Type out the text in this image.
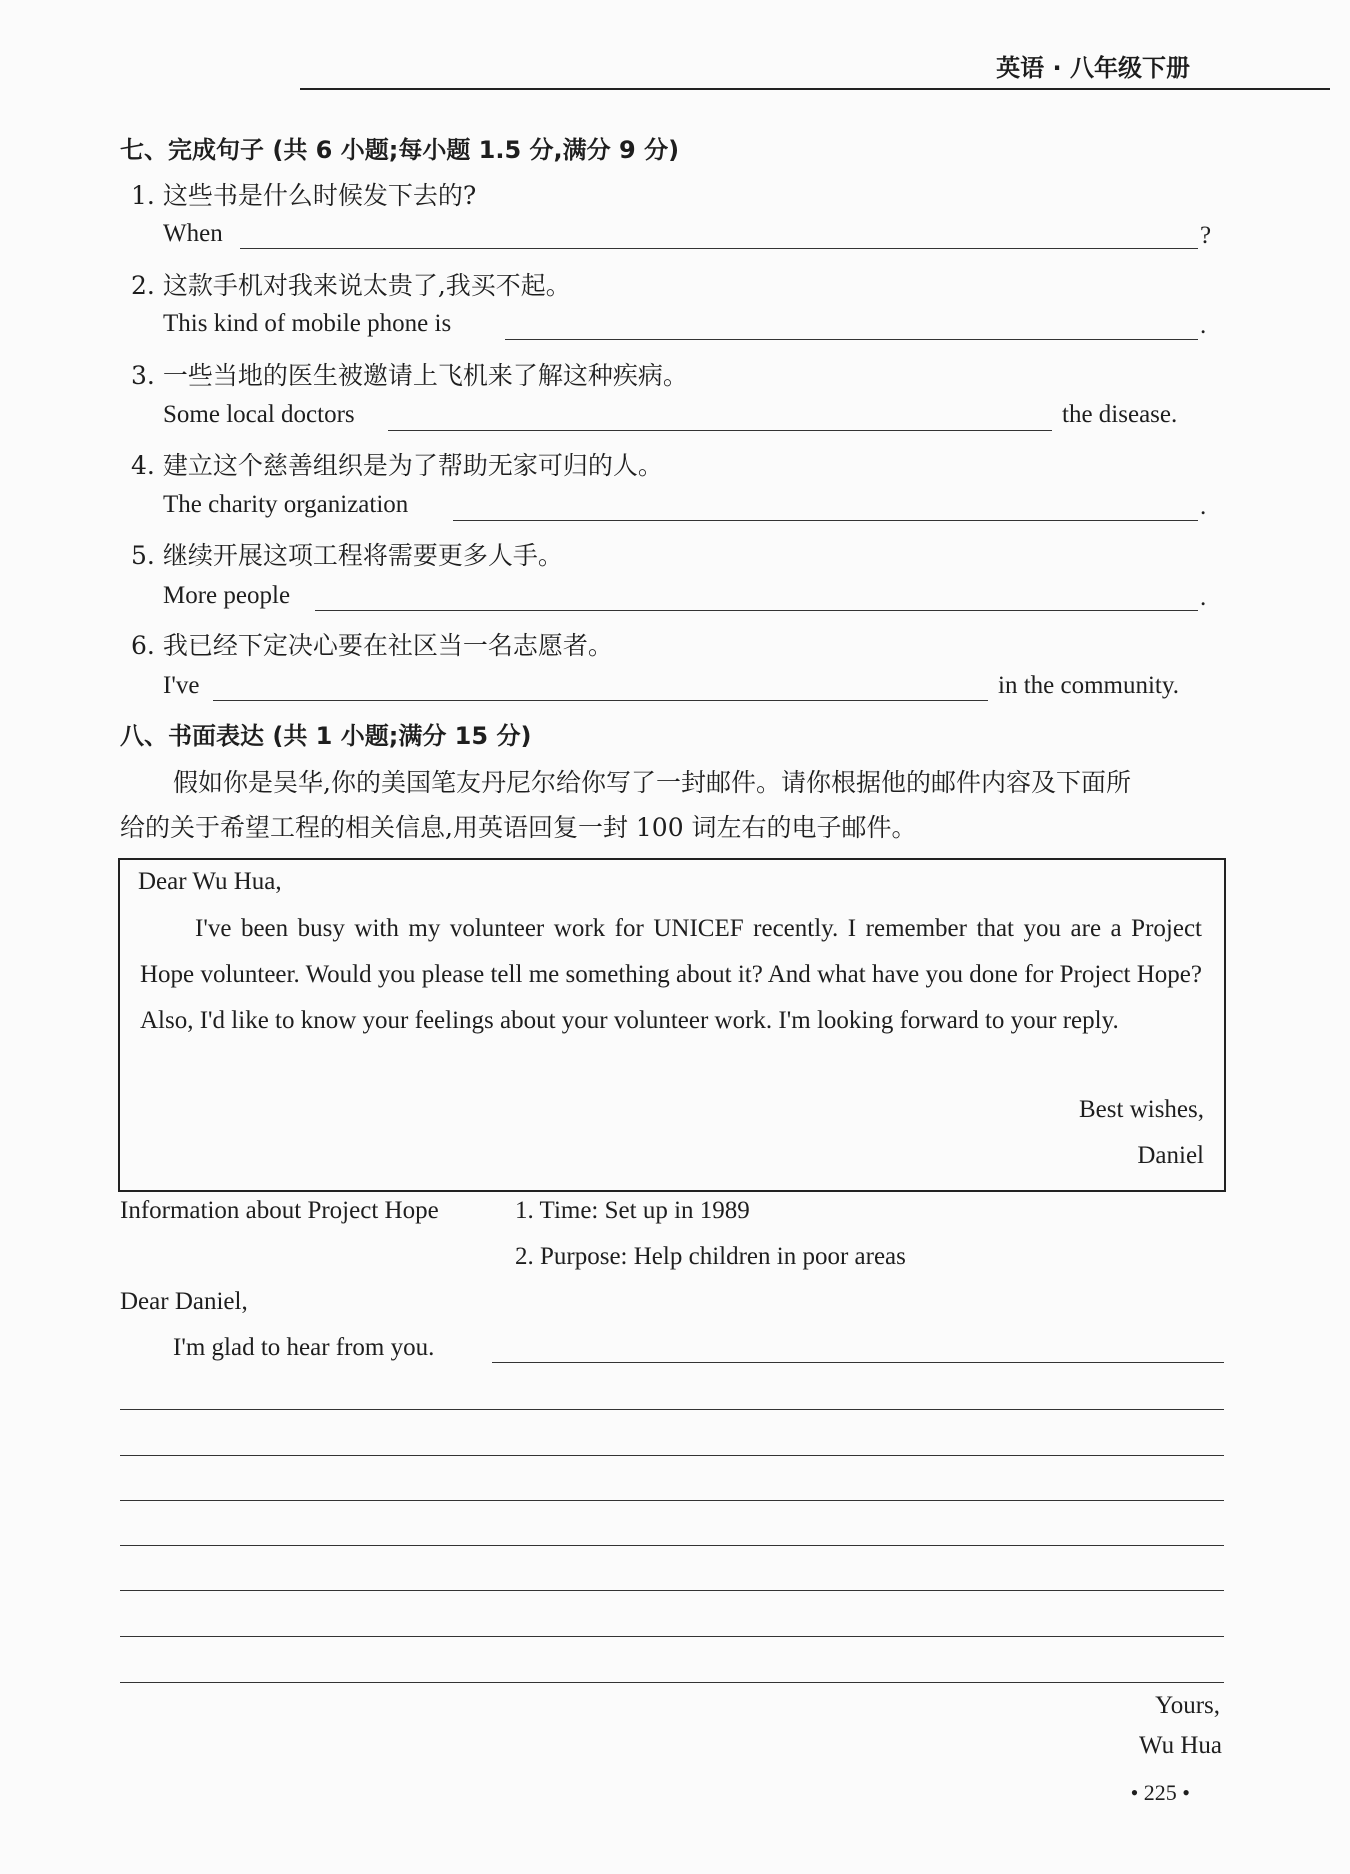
英语 · 八年级下册
七、完成句子 (共 6 小题;每小题 1.5 分,满分 9 分)
1. 这些书是什么时候发下去的?
When	?
2. 这款手机对我来说太贵了,我买不起。
This kind of mobile phone is	.
3. 一些当地的医生被邀请上飞机来了解这种疾病。
Some local doctors	the disease.
4. 建立这个慈善组织是为了帮助无家可归的人。
The charity organization	.
5. 继续开展这项工程将需要更多人手。
More people	.
6. 我已经下定决心要在社区当一名志愿者。
I've	in the community.
八、书面表达 (共 1 小题;满分 15 分)
假如你是吴华,你的美国笔友丹尼尔给你写了一封邮件。请你根据他的邮件内容及下面所
给的关于希望工程的相关信息,用英语回复一封 100 词左右的电子邮件。
Dear Wu Hua,
I've been busy with my volunteer work for UNICEF recently. I remember that you are a Project Hope volunteer. Would you please tell me something about it? And what have you done for Project Hope? Also, I'd like to know your feelings about your volunteer work. I'm looking forward to your reply.
Best wishes,
Daniel
Information about Project Hope	1. Time: Set up in 1989
2. Purpose: Help children in poor areas
Dear Daniel,
I'm glad to hear from you.
Yours,
Wu Hua
• 225 •
